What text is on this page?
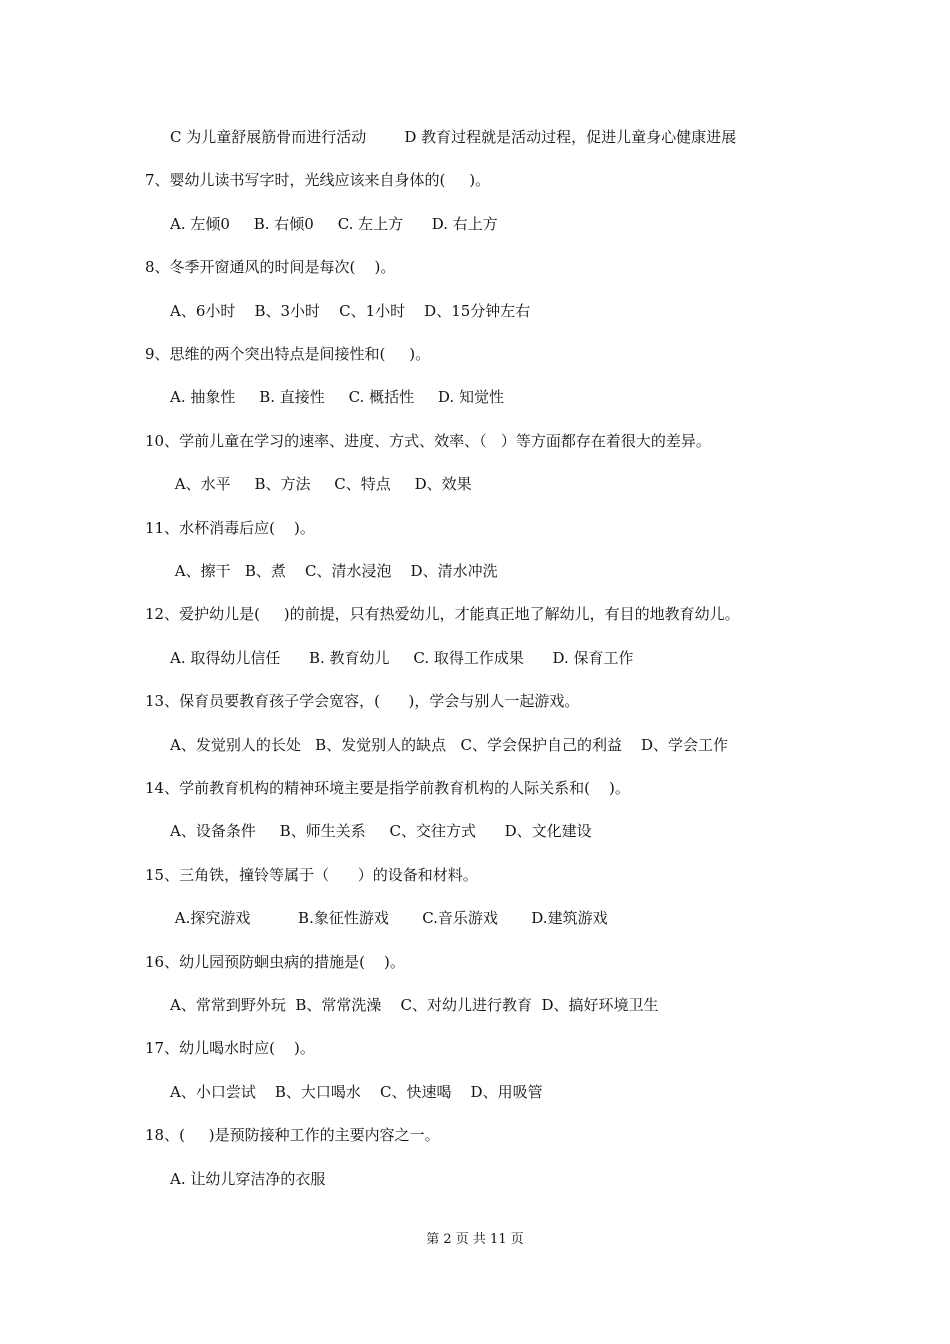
C 为儿童舒展筋骨而进行活动        D 教育过程就是活动过程，促进儿童身心健康进展
7、婴幼儿读书写字时，光线应该来自身体的(     )。
A. 左倾0     B. 右倾0     C. 左上方      D. 右上方
8、冬季开窗通风的时间是每次(    )。
A、6小时    B、3小时    C、1小时    D、15分钟左右
9、思维的两个突出特点是间接性和(     )。
A. 抽象性     B. 直接性     C. 概括性     D. 知觉性
10、学前儿童在学习的速率、进度、方式、效率、（   ）等方面都存在着很大的差异。
A、水平     B、方法     C、特点     D、效果
11、水杯消毒后应(    )。
A、擦干   B、煮    C、清水浸泡    D、清水冲洗
12、爱护幼儿是(     )的前提，只有热爱幼儿，才能真正地了解幼儿，有目的地教育幼儿。
A. 取得幼儿信任      B. 教育幼儿     C. 取得工作成果      D. 保育工作
13、保育员要教育孩子学会宽容，(      )，学会与别人一起游戏。
A、发觉别人的长处   B、发觉别人的缺点   C、学会保护自己的利益    D、学会工作
14、学前教育机构的精神环境主要是指学前教育机构的人际关系和(    )。
A、设备条件     B、师生关系     C、交往方式      D、文化建设
15、三角铁，撞铃等属于（      ）的设备和材料。
A.探究游戏          B.象征性游戏       C.音乐游戏       D.建筑游戏
16、幼儿园预防蛔虫病的措施是(    )。
A、常常到野外玩  B、常常洗澡    C、对幼儿进行教育  D、搞好环境卫生
17、幼儿喝水时应(    )。
A、小口尝试    B、大口喝水    C、快速喝    D、用吸管
18、(     )是预防接种工作的主要内容之一。
A. 让幼儿穿洁净的衣服
第 2 页 共 11 页
